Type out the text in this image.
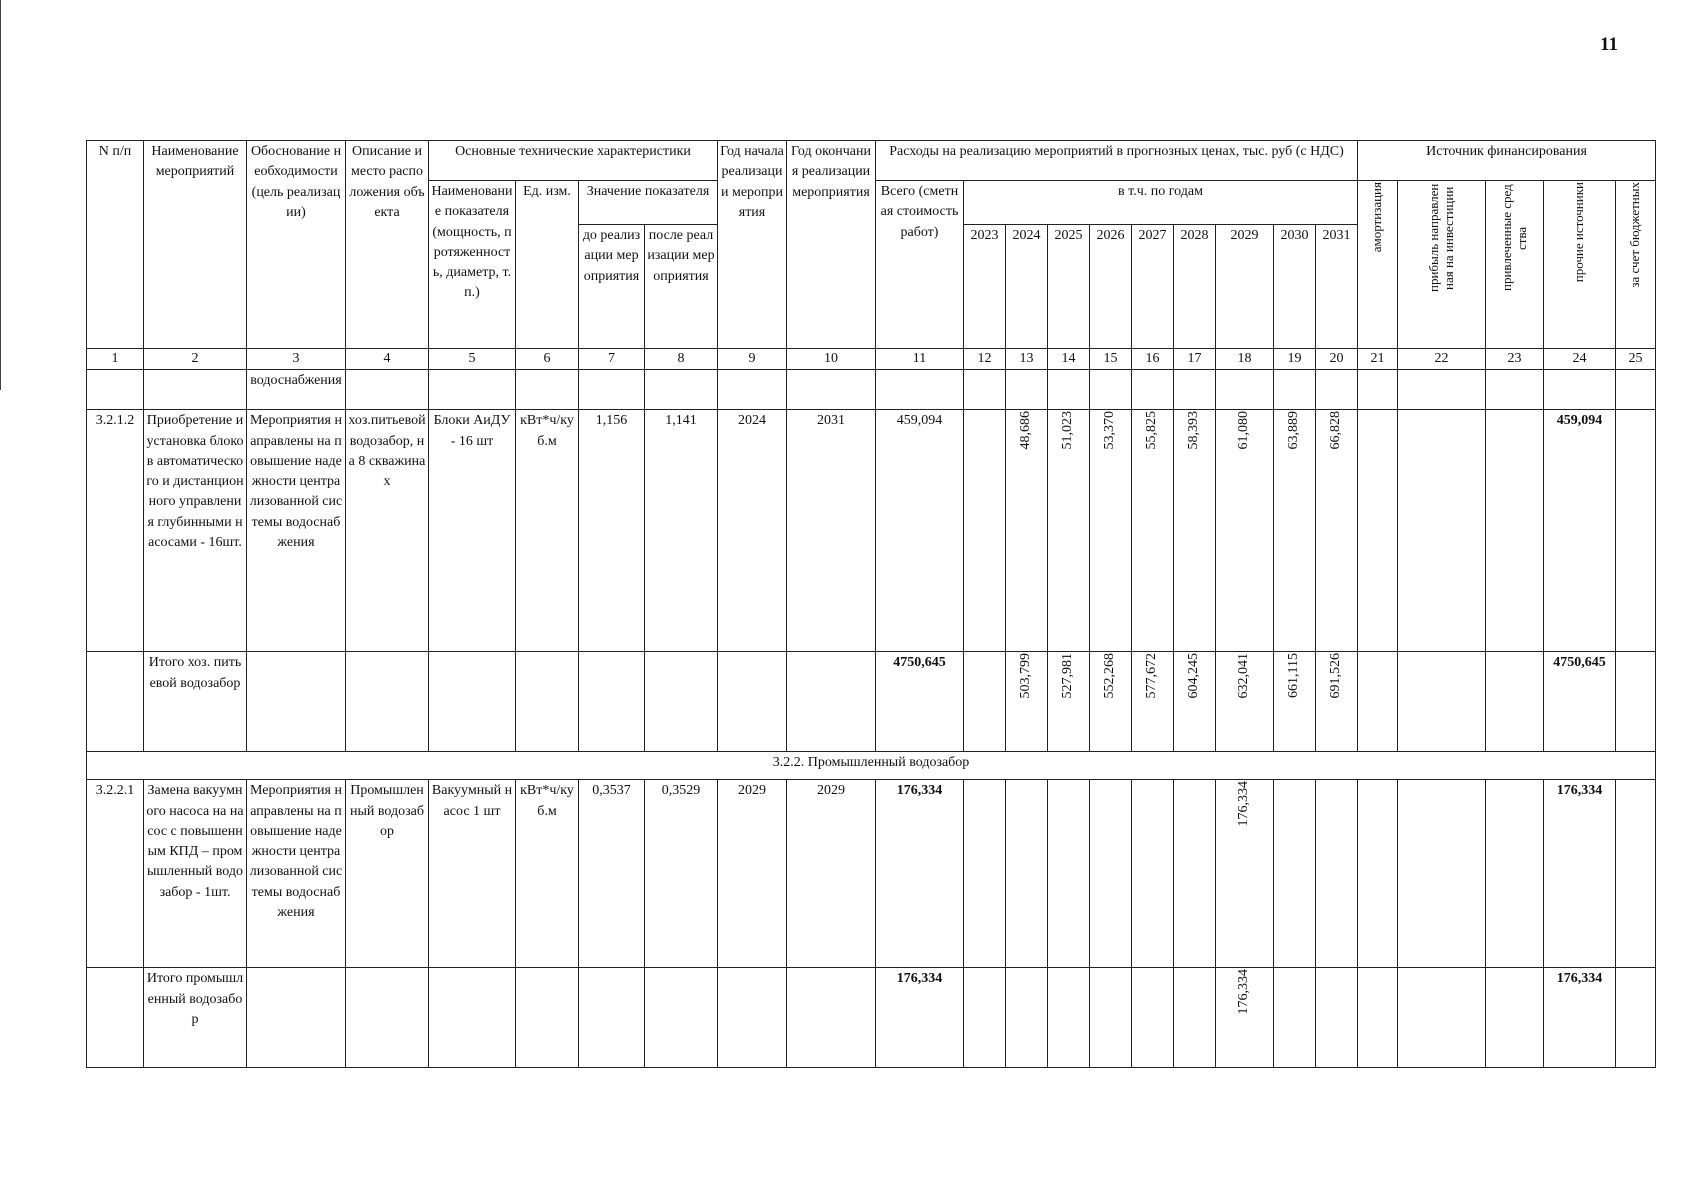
11
N п/п	Наименование мероприятий	Обоснование необходимости (цель реализации)	Описание и место расположения объекта	Основные технические характеристики				Год начала реализации мероприятия	Год окончания реализации мероприятия	Расходы на реализацию мероприятий в прогнозных ценах, тыс. руб (с НДС)										Источник финансирования				
				Наименование показателя (мощность, протяженность, диаметр, т.п.)	Ед. изм.	Значение показателя				Всего (сметная стоимость работ)	в т.ч. по годам									амортизация	прибыль направленная на инвестиции	привлеченные средства	прочие источники	за счет бюджетных
						до реализации мероприятия	после реализации мероприятия				2023	2024	2025	2026	2027	2028	2029	2030	2031					

1	2	3	4	5	6	7	8	9	10	11	12	13	14	15	16	17	18	19	20	21	22	23	24	25
		водоснабжения																						
3.2.1.2	Приобретение и установка блоков автоматического и дистанционного управления глубинными насосами - 16шт.	Мероприятия направлены на повышение надежности централизованной системы водоснабжения	хоз.питьевой водозабор, на 8 скважинах	Блоки АиДУ - 16 шт	кВт*ч/куб.м	1,156	1,141	2024	2031	459,094		48,686	51,023	53,370	55,825	58,393	61,080	63,889	66,828				459,094	
	Итого хоз. питьевой водозабор									4750,645		503,799	527,981	552,268	577,672	604,245	632,041	661,115	691,526				4750,645	
3.2.2. Промышленный водозабор																								
3.2.2.1	Замена вакуумного насоса на насос с повышенным КПД – промышленный водозабор - 1шт.	Мероприятия направлены на повышение надежности централизованной системы водоснабжения	Промышленный водозабор	Вакуумный насос 1 шт	кВт*ч/куб.м	0,3537	0,3529	2029	2029	176,334							176,334						176,334	
	Итого промышленный водозабор									176,334							176,334						176,334	
